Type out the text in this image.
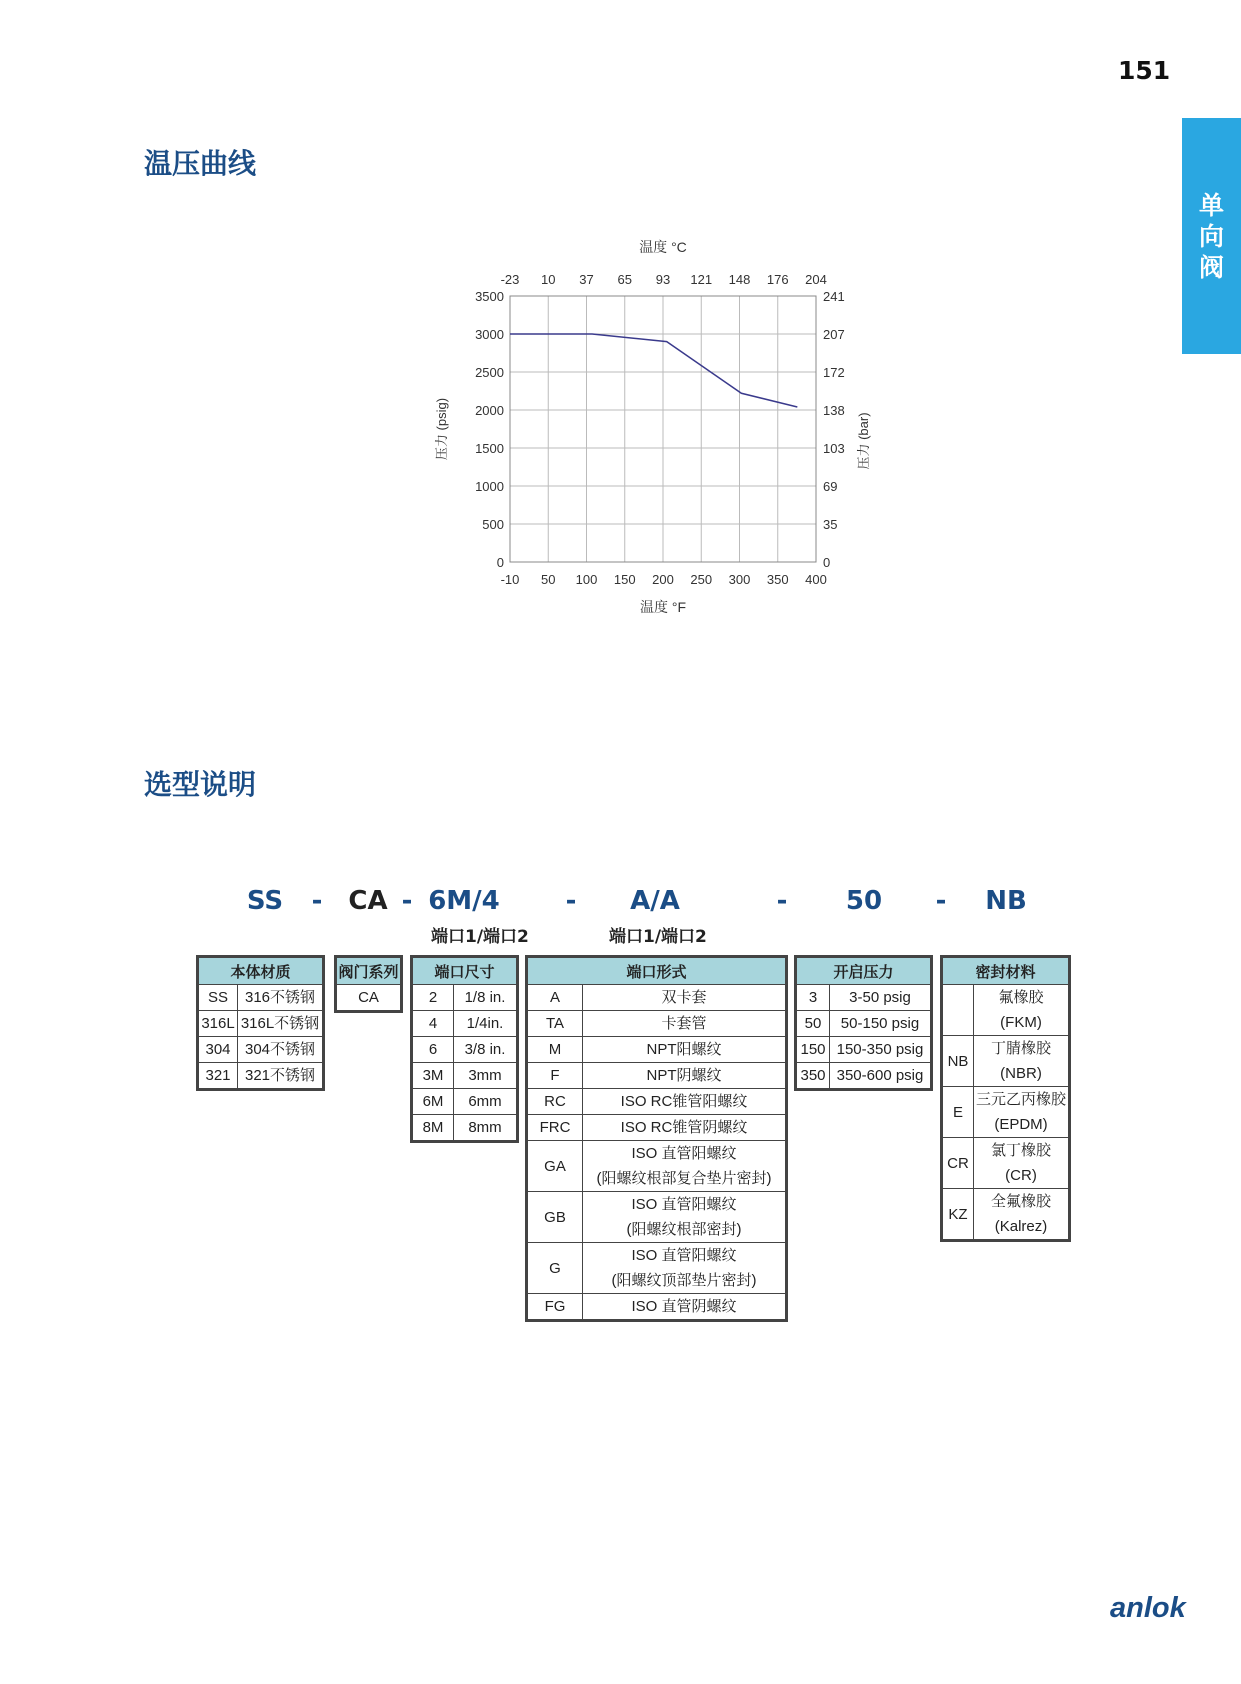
151
单
向
阀
温压曲线
选型说明
-10
-23
50
10
100
37
150
65
200
93
250
121
300
148
350
176
400
204
0	0
500	35
1000	69
1500	103
2000	138
2500	172
3000	207
3500	241
温度 °C
温度 °F
压力 (psig)	压力 (bar)
SS - CA - 6M/4	- A/A	- 50 - NB
端口1/端口2	端口1/端口2
本体材质	
SS	316不锈钢
316L	316L不锈钢
304	304不锈钢
321	321不锈钢
阀门系列
CA
端口尺寸	
2	1/8 in.
4	1/4in.
6	3/8 in.
3M	3mm
6M	6mm
8M	8mm
端口形式	
A	双卡套
TA	卡套管
M	NPT阳螺纹
F	NPT阴螺纹
RC	ISO RC锥管阳螺纹
FRC	ISO RC锥管阴螺纹
GA	ISO 直管阳螺纹
	(阳螺纹根部复合垫片密封)
GB	ISO 直管阳螺纹
	(阳螺纹根部密封)
G	ISO 直管阳螺纹
	(阳螺纹顶部垫片密封)
FG	ISO 直管阴螺纹
开启压力	
3	3-50 psig
50	50-150 psig
150	150-350 psig
350	350-600 psig
密封材料	
	氟橡胶
	(FKM)
NB	丁腈橡胶
	(NBR)
E	三元乙丙橡胶
	(EPDM)
CR	氯丁橡胶
	(CR)
KZ	全氟橡胶
	(Kalrez)
anlok
